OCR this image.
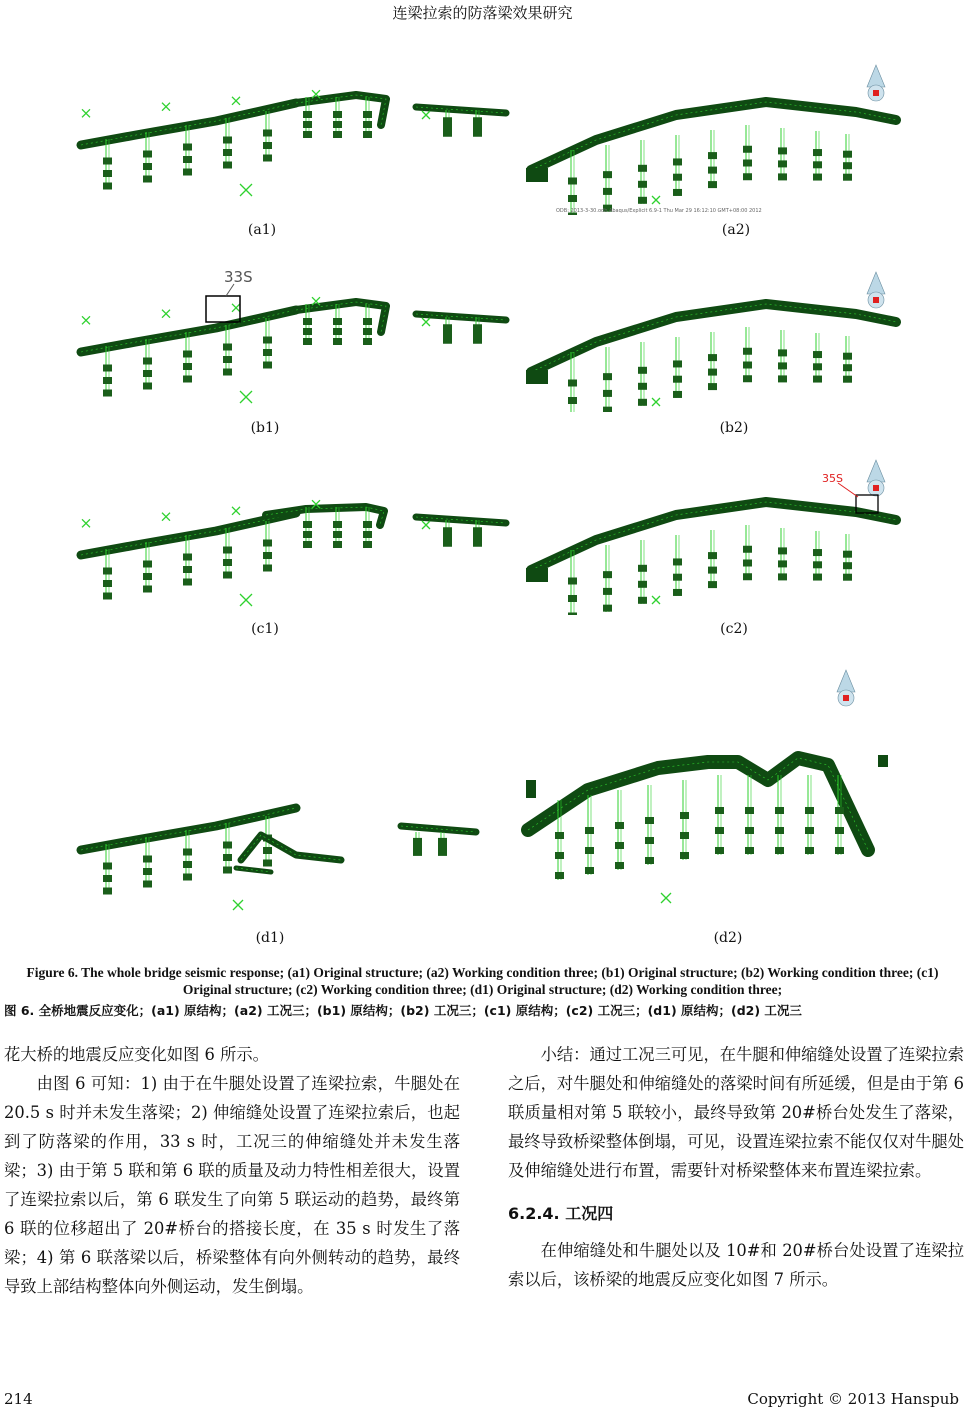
连梁拉索的防落梁效果研究
ODB: 2013-3-30.odb Abaqus/Explicit 6.9-1 Thu Mar 29 16:12:10 GMT+08:00 2012
(a1)	(a2)
33S
(b1)	(b2)
35S
(c1)	(c2)
(d1)	(d2)
Figure 6. The whole bridge seismic response; (a1) Original structure; (a2) Working condition three; (b1) Original structure; (b2) Working condition three; (c1) Original structure; (c2) Working condition three; (d1) Original structure; (d2) Working condition three;
图 6. 全桥地震反应变化；(a1) 原结构；(a2) 工况三；(b1) 原结构；(b2) 工况三；(c1) 原结构；(c2) 工况三；(d1) 原结构；(d2) 工况三

花大桥的地震反应变化如图 6 所示。

由图 6 可知：1) 由于在牛腿处设置了连梁拉索，牛腿处在 20.5 s 时并未发生落梁；2) 伸缩缝处设置了连梁拉索后，也起到了防落梁的作用，33 s 时，工况三的伸缩缝处并未发生落梁；3) 由于第 5 联和第 6 联的质量及动力特性相差很大，设置了连梁拉索以后，第 6 联发生了向第 5 联运动的趋势，最终第 6 联的位移超出了 20#桥台的搭接长度，在 35 s 时发生了落梁；4) 第 6 联落梁以后，桥梁整体有向外侧转动的趋势，最终导致上部结构整体向外侧运动，发生倒塌。

小结：通过工况三可见，在牛腿和伸缩缝处设置了连梁拉索之后，对牛腿处和伸缩缝处的落梁时间有所延缓，但是由于第 6 联质量相对第 5 联较小，最终导致第 20#桥台处发生了落梁，最终导致桥梁整体倒塌，可见，设置连梁拉索不能仅仅对牛腿处及伸缩缝处进行布置，需要针对桥梁整体来布置连梁拉索。

6.2.4. 工况四

在伸缩缝处和牛腿处以及 10#和 20#桥台处设置了连梁拉索以后，该桥梁的地震反应变化如图 7 所示。

214	Copyright © 2013 Hanspub
